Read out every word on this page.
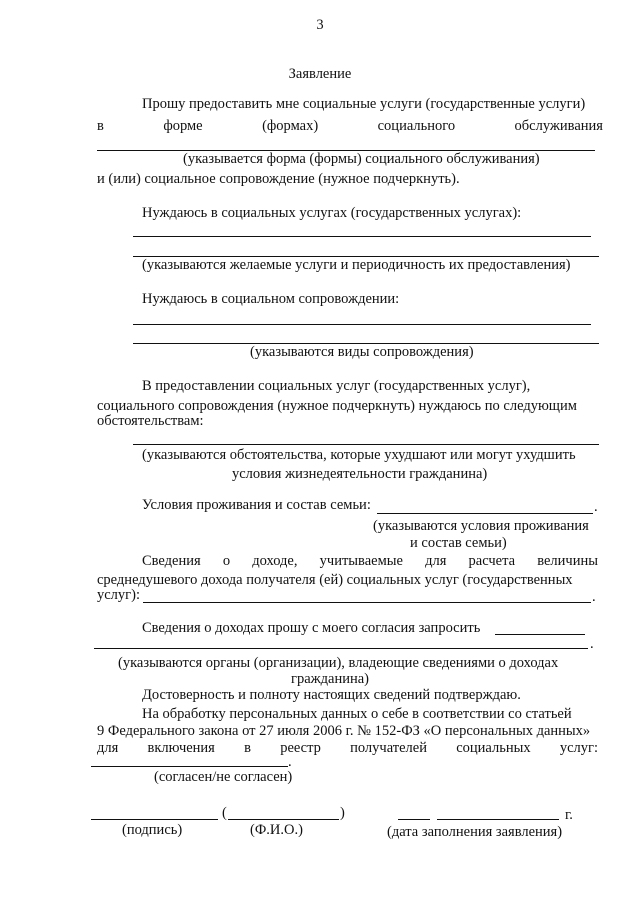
3
Заявление
Прошу предоставить мне социальные услуги (государственные услуги)
в	форме	(формах)	социального	обслуживания
(указывается форма (формы) социального обслуживания)
и (или) социальное сопровождение (нужное подчеркнуть).
Нуждаюсь в социальных услугах (государственных услугах):
(указываются желаемые услуги и периодичность их предоставления)
Нуждаюсь в социальном сопровождении:
(указываются виды сопровождения)
В предоставлении социальных услуг (государственных услуг),
социального сопровождения (нужное подчеркнуть) нуждаюсь по следующим
обстоятельствам:
(указываются обстоятельства, которые ухудшают или могут ухудшить
условия жизнедеятельности гражданина)
Условия проживания и состав семьи:	.
(указываются условия проживания
и состав семьи)
Сведения о доходе, учитываемые для расчета величины
среднедушевого дохода получателя (ей) социальных услуг (государственных
услуг):	.
Сведения о доходах прошу с моего согласия запросить
.
(указываются органы (организации), владеющие сведениями о доходах
гражданина)
Достоверность и полноту настоящих сведений подтверждаю.
На обработку персональных данных о себе в соответствии со статьей
9 Федерального закона от 27 июля 2006 г. № 152-ФЗ «О персональных данных»
для включения в реестр получателей социальных услуг:
.
(согласен/не согласен)
(	)	г.
(подпись)	(Ф.И.О.)	(дата заполнения заявления)
